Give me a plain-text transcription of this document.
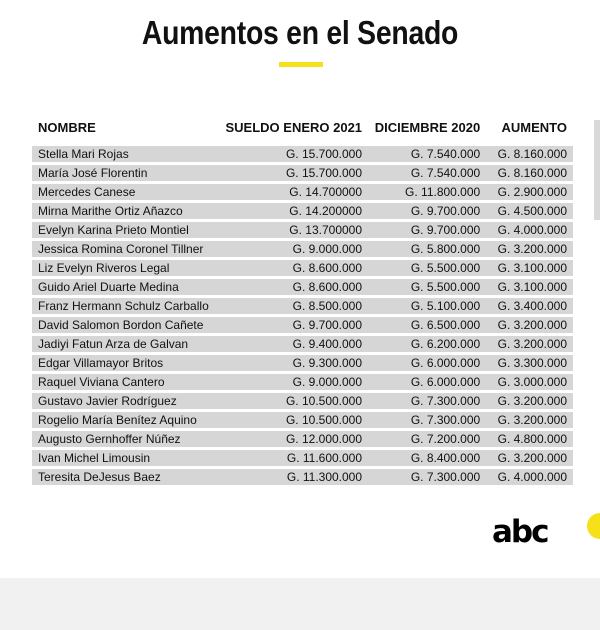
Aumentos en el Senado
NOMBRE	SUELDO ENERO 2021	DICIEMBRE 2020	AUMENTO
Stella Mari Rojas	G. 15.700.000	G. 7.540.000	G. 8.160.000
María José Florentin	G. 15.700.000	G. 7.540.000	G. 8.160.000
Mercedes Canese	G. 14.700000	G. 11.800.000	G. 2.900.000
Mirna Marithe Ortiz Añazco	G. 14.200000	G. 9.700.000	G. 4.500.000
Evelyn Karina Prieto Montiel	G. 13.700000	G. 9.700.000	G. 4.000.000
Jessica Romina Coronel Tillner	G. 9.000.000	G. 5.800.000	G. 3.200.000
Liz Evelyn Riveros Legal	G. 8.600.000	G. 5.500.000	G. 3.100.000
Guido Ariel Duarte Medina	G. 8.600.000	G. 5.500.000	G. 3.100.000
Franz Hermann Schulz Carballo	G. 8.500.000	G. 5.100.000	G. 3.400.000
David Salomon Bordon Cañete	G. 9.700.000	G. 6.500.000	G. 3.200.000
Jadiyi Fatun Arza de Galvan	G. 9.400.000	G. 6.200.000	G. 3.200.000
Edgar Villamayor Britos	G. 9.300.000	G. 6.000.000	G. 3.300.000
Raquel Viviana Cantero	G. 9.000.000	G. 6.000.000	G. 3.000.000
Gustavo Javier Rodríguez	G. 10.500.000	G. 7.300.000	G. 3.200.000
Rogelio María Benítez Aquino	G. 10.500.000	G. 7.300.000	G. 3.200.000
Augusto Gernhoffer Núñez	G. 12.000.000	G. 7.200.000	G. 4.800.000
Ivan Michel Limousin	G. 11.600.000	G. 8.400.000	G. 3.200.000
Teresita DeJesus Baez	G. 11.300.000	G. 7.300.000	G. 4.000.000
abc
